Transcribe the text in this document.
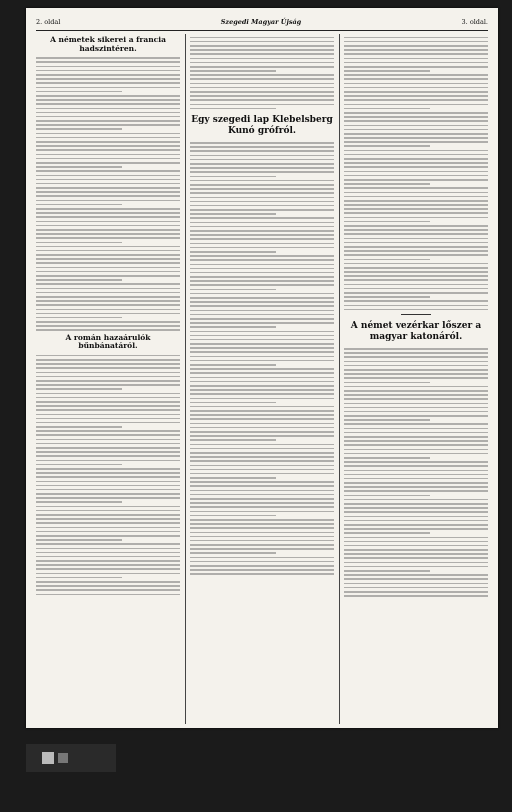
2. oldal	Szegedi Magyar Újság	3. oldal.
A németek sikerei a francia hadszintéren.
A román hazaárulók bűnbánatáról.
Egy szegedi lap Klebelsberg Kunó grófról.
A német vezérkar lőszer a magyar katonáról.
